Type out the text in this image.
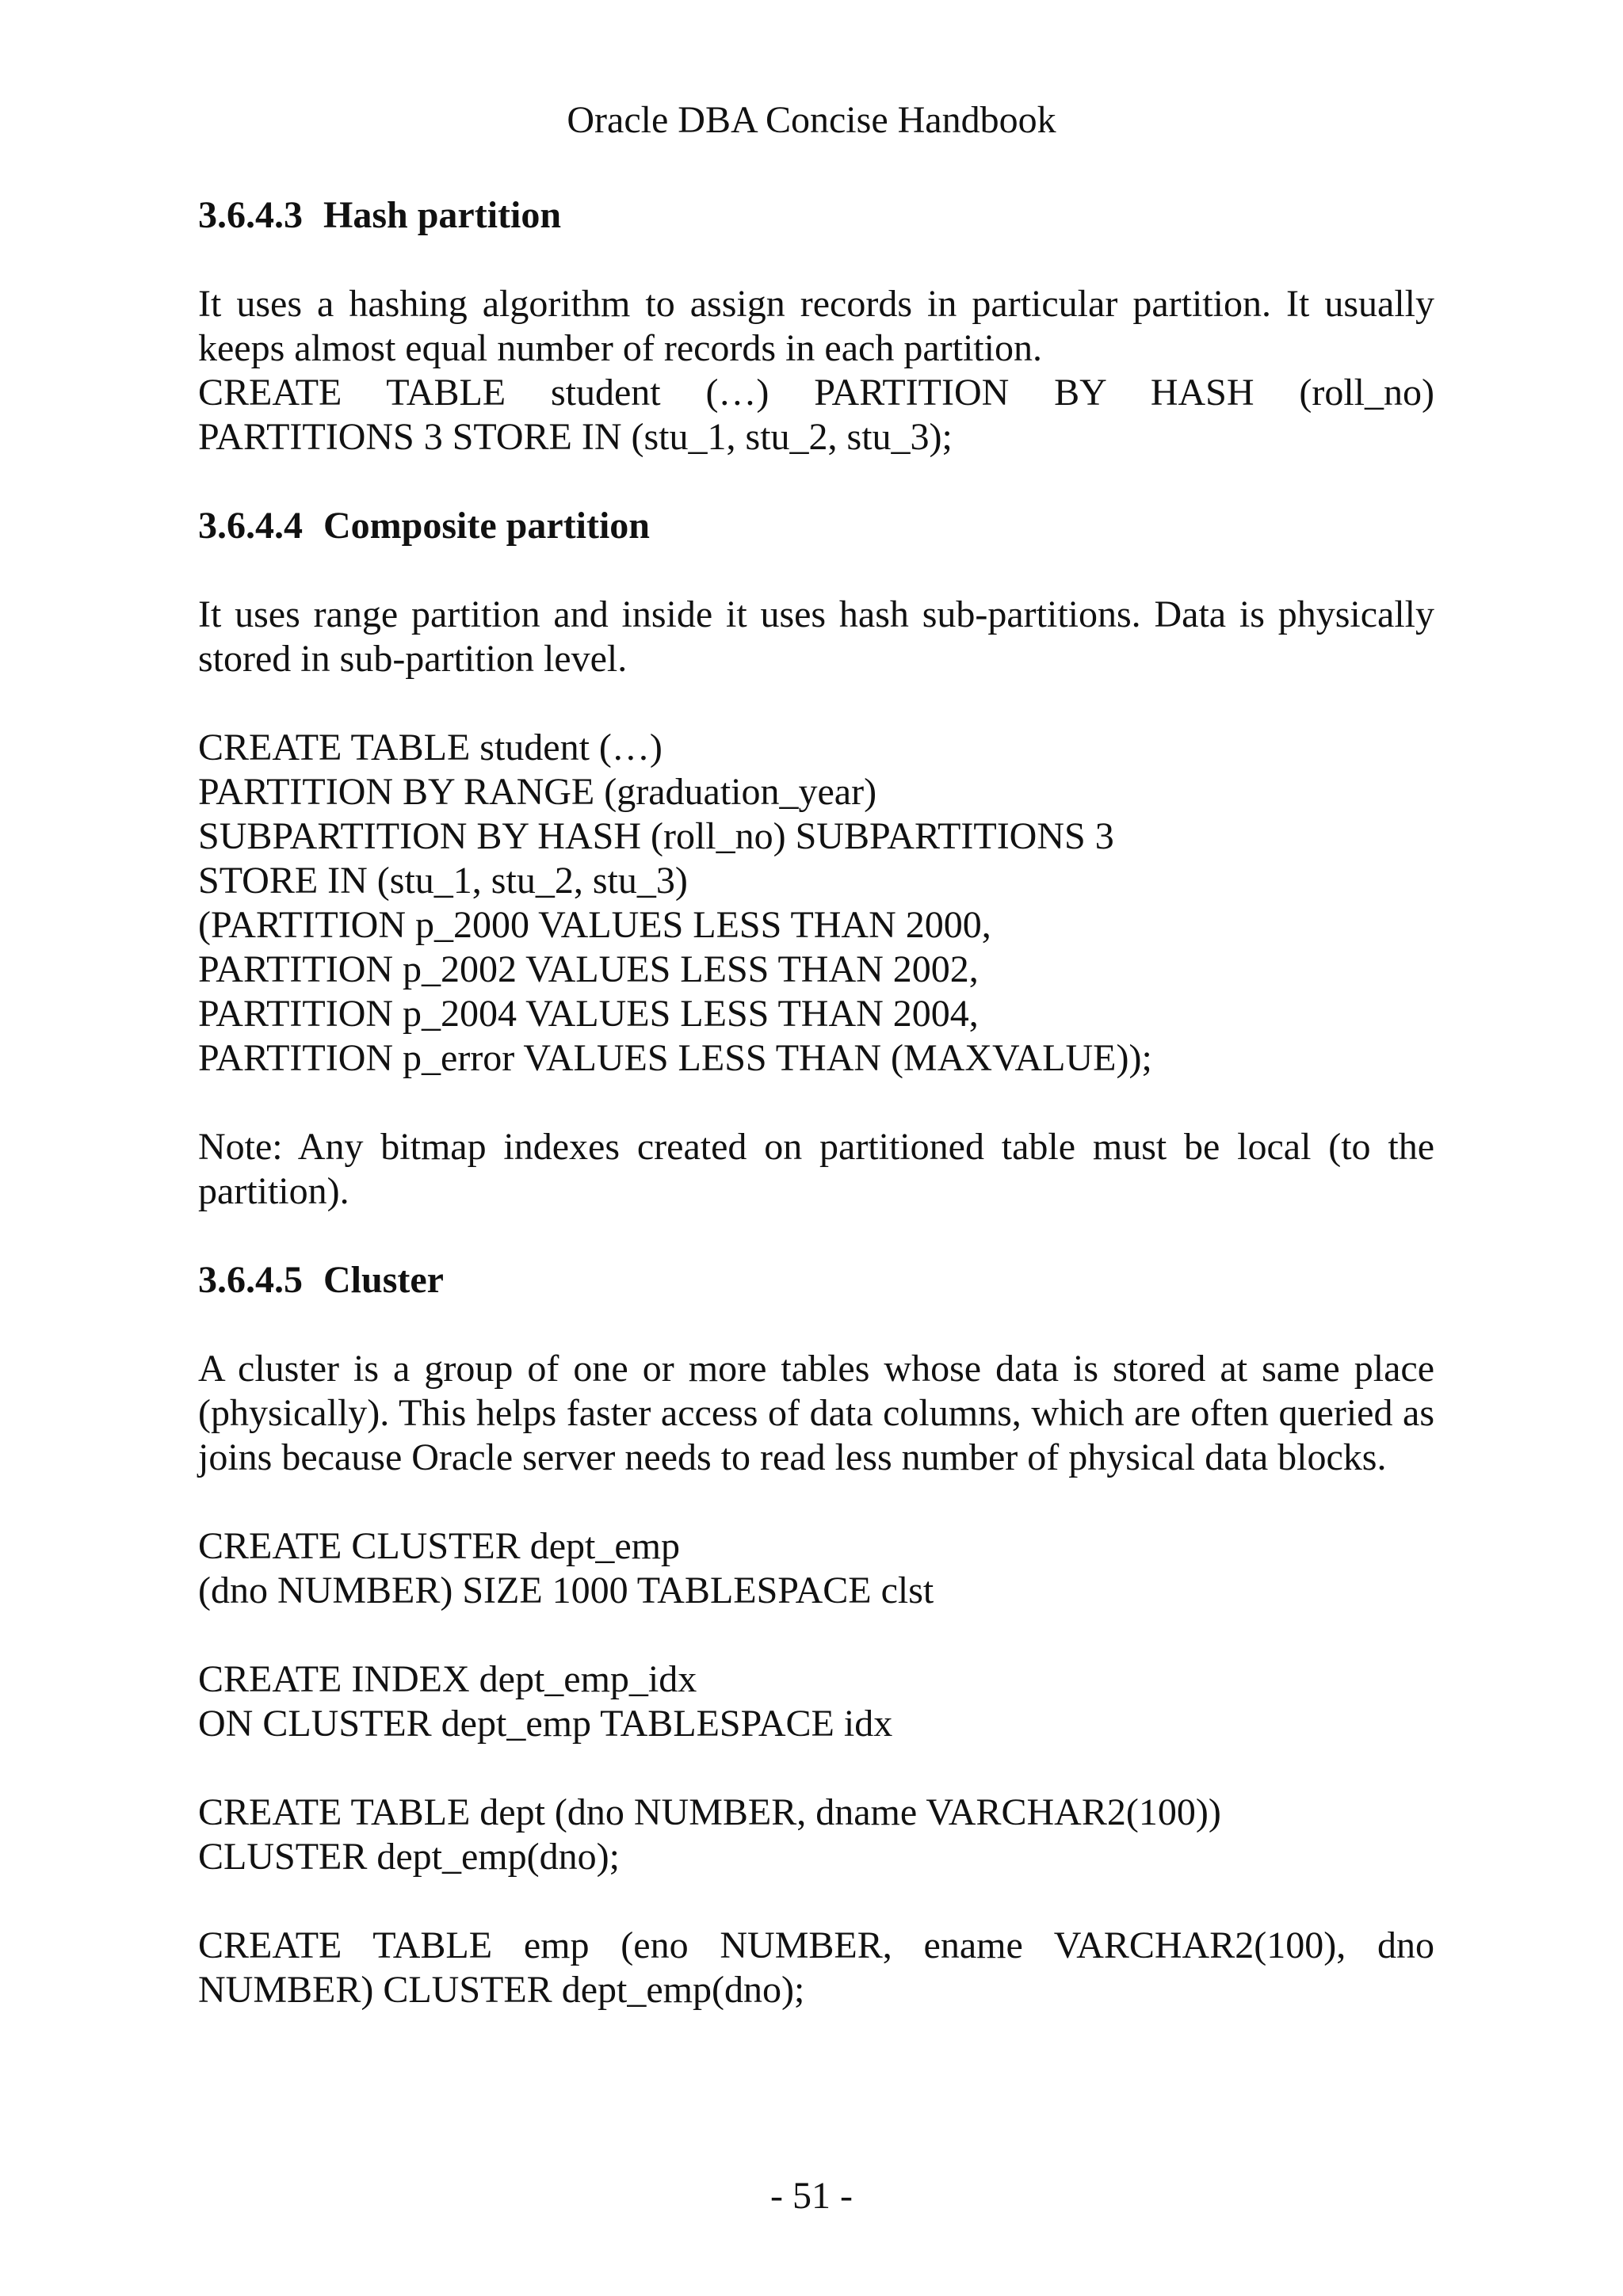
Oracle DBA Concise Handbook
3.6.4.3 Hash partition

It uses a hashing algorithm to assign records in particular partition. It usually keeps almost equal number of records in each partition.

CREATE TABLE student (…) PARTITION BY HASH (roll_no)
PARTITIONS 3 STORE IN (stu_1, stu_2, stu_3);
3.6.4.4 Composite partition

It uses range partition and inside it uses hash sub-partitions. Data is physically stored in sub-partition level.

CREATE TABLE student (…)
PARTITION BY RANGE (graduation_year)
SUBPARTITION BY HASH (roll_no) SUBPARTITIONS 3
STORE IN (stu_1, stu_2, stu_3)
(PARTITION p_2000 VALUES LESS THAN 2000,
PARTITION p_2002 VALUES LESS THAN 2002,
PARTITION p_2004 VALUES LESS THAN 2004,
PARTITION p_error VALUES LESS THAN (MAXVALUE));

Note: Any bitmap indexes created on partitioned table must be local (to the partition).

3.6.4.5 Cluster

A cluster is a group of one or more tables whose data is stored at same place (physically). This helps faster access of data columns, which are often queried as joins because Oracle server needs to read less number of physical data blocks.

CREATE CLUSTER dept_emp
(dno NUMBER) SIZE 1000 TABLESPACE clst
CREATE INDEX dept_emp_idx
ON CLUSTER dept_emp TABLESPACE idx
CREATE TABLE dept (dno NUMBER, dname VARCHAR2(100))
CLUSTER dept_emp(dno);

CREATE TABLE emp (eno NUMBER, ename VARCHAR2(100), dno NUMBER) CLUSTER dept_emp(dno);

- 51 -
